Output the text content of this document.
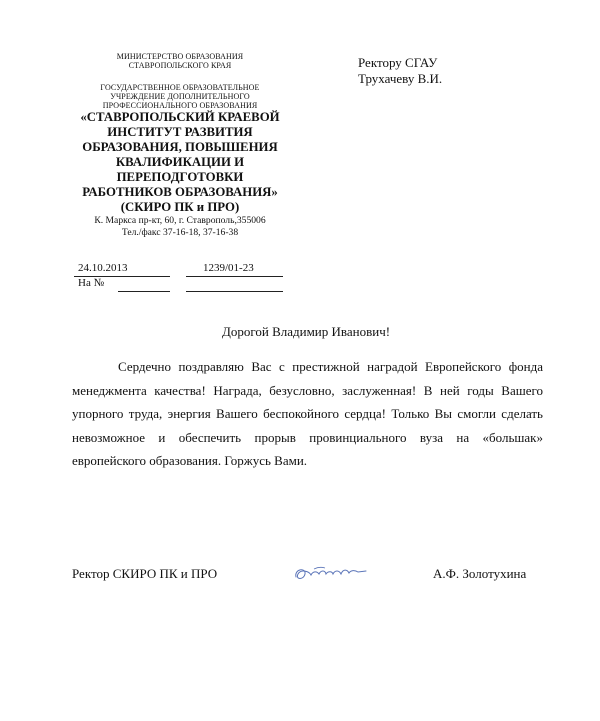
МИНИСТЕРСТВО ОБРАЗОВАНИЯ
СТАВРОПОЛЬСКОГО КРАЯ
ГОСУДАРСТВЕННОЕ ОБРАЗОВАТЕЛЬНОЕ
УЧРЕЖДЕНИЕ ДОПОЛНИТЕЛЬНОГО
ПРОФЕССИОНАЛЬНОГО ОБРАЗОВАНИЯ
«СТАВРОПОЛЬСКИЙ КРАЕВОЙ
ИНСТИТУТ РАЗВИТИЯ
ОБРАЗОВАНИЯ, ПОВЫШЕНИЯ
КВАЛИФИКАЦИИ И
ПЕРЕПОДГОТОВКИ
РАБОТНИКОВ ОБРАЗОВАНИЯ»
(СКИРО ПК и ПРО)
К. Маркса пр-кт, 60, г. Ставрополь,355006
Тел./факс 37-16-18, 37-16-38
24.10.2013	1239/01-23
На №
Ректору СГАУ
Трухачеву В.И.
Дорогой Владимир Иванович!

Сердечно поздравляю Вас с престижной наградой Европейского фонда менеджмента качества! Награда, безусловно, заслуженная! В ней годы Вашего упорного труда, энергия Вашего беспокойного сердца! Только Вы смогли сделать невозможное и обеспечить прорыв провинциального вуза на «большак» европейского образования. Горжусь Вами.

Ректор СКИРО ПК и ПРО	А.Ф. Золотухина
